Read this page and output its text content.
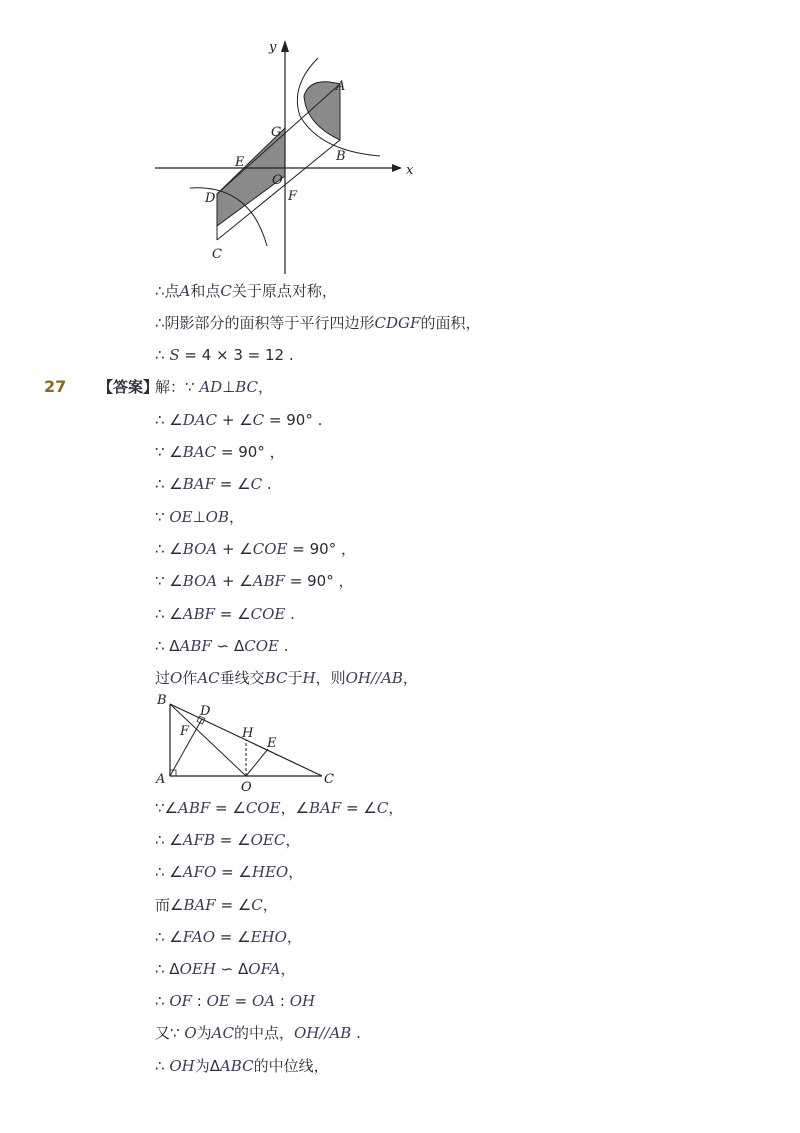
y
x
A
B
G
E
O
F
D
C
∴点A和点C关于原点对称，
∴阴影部分的面积等于平行四边形CDGF的面积，
∴ S = 4 × 3 = 12 .
27 【答案】
解：∵ AD⊥BC，
∴ ∠DAC + ∠C = 90° .
∵ ∠BAC = 90° ，
∴ ∠BAF = ∠C .
∵ OE⊥OB，
∴ ∠BOA + ∠COE = 90° ，
∵ ∠BOA + ∠ABF = 90° ，
∴ ∠ABF = ∠COE .
∴ ΔABF ∽ ΔCOE .
过O作AC垂线交BC于H，则OH//AB，
B
D
F	H
E
A
O
C
∵∠ABF = ∠COE，∠BAF = ∠C，
∴ ∠AFB = ∠OEC，
∴ ∠AFO = ∠HEO，
而∠BAF = ∠C，
∴ ∠FAO = ∠EHO，
∴ ΔOEH ∽ ΔOFA，
∴ OF : OE = OA : OH
又∵ O为AC的中点，OH//AB .
∴ OH为ΔABC的中位线，
